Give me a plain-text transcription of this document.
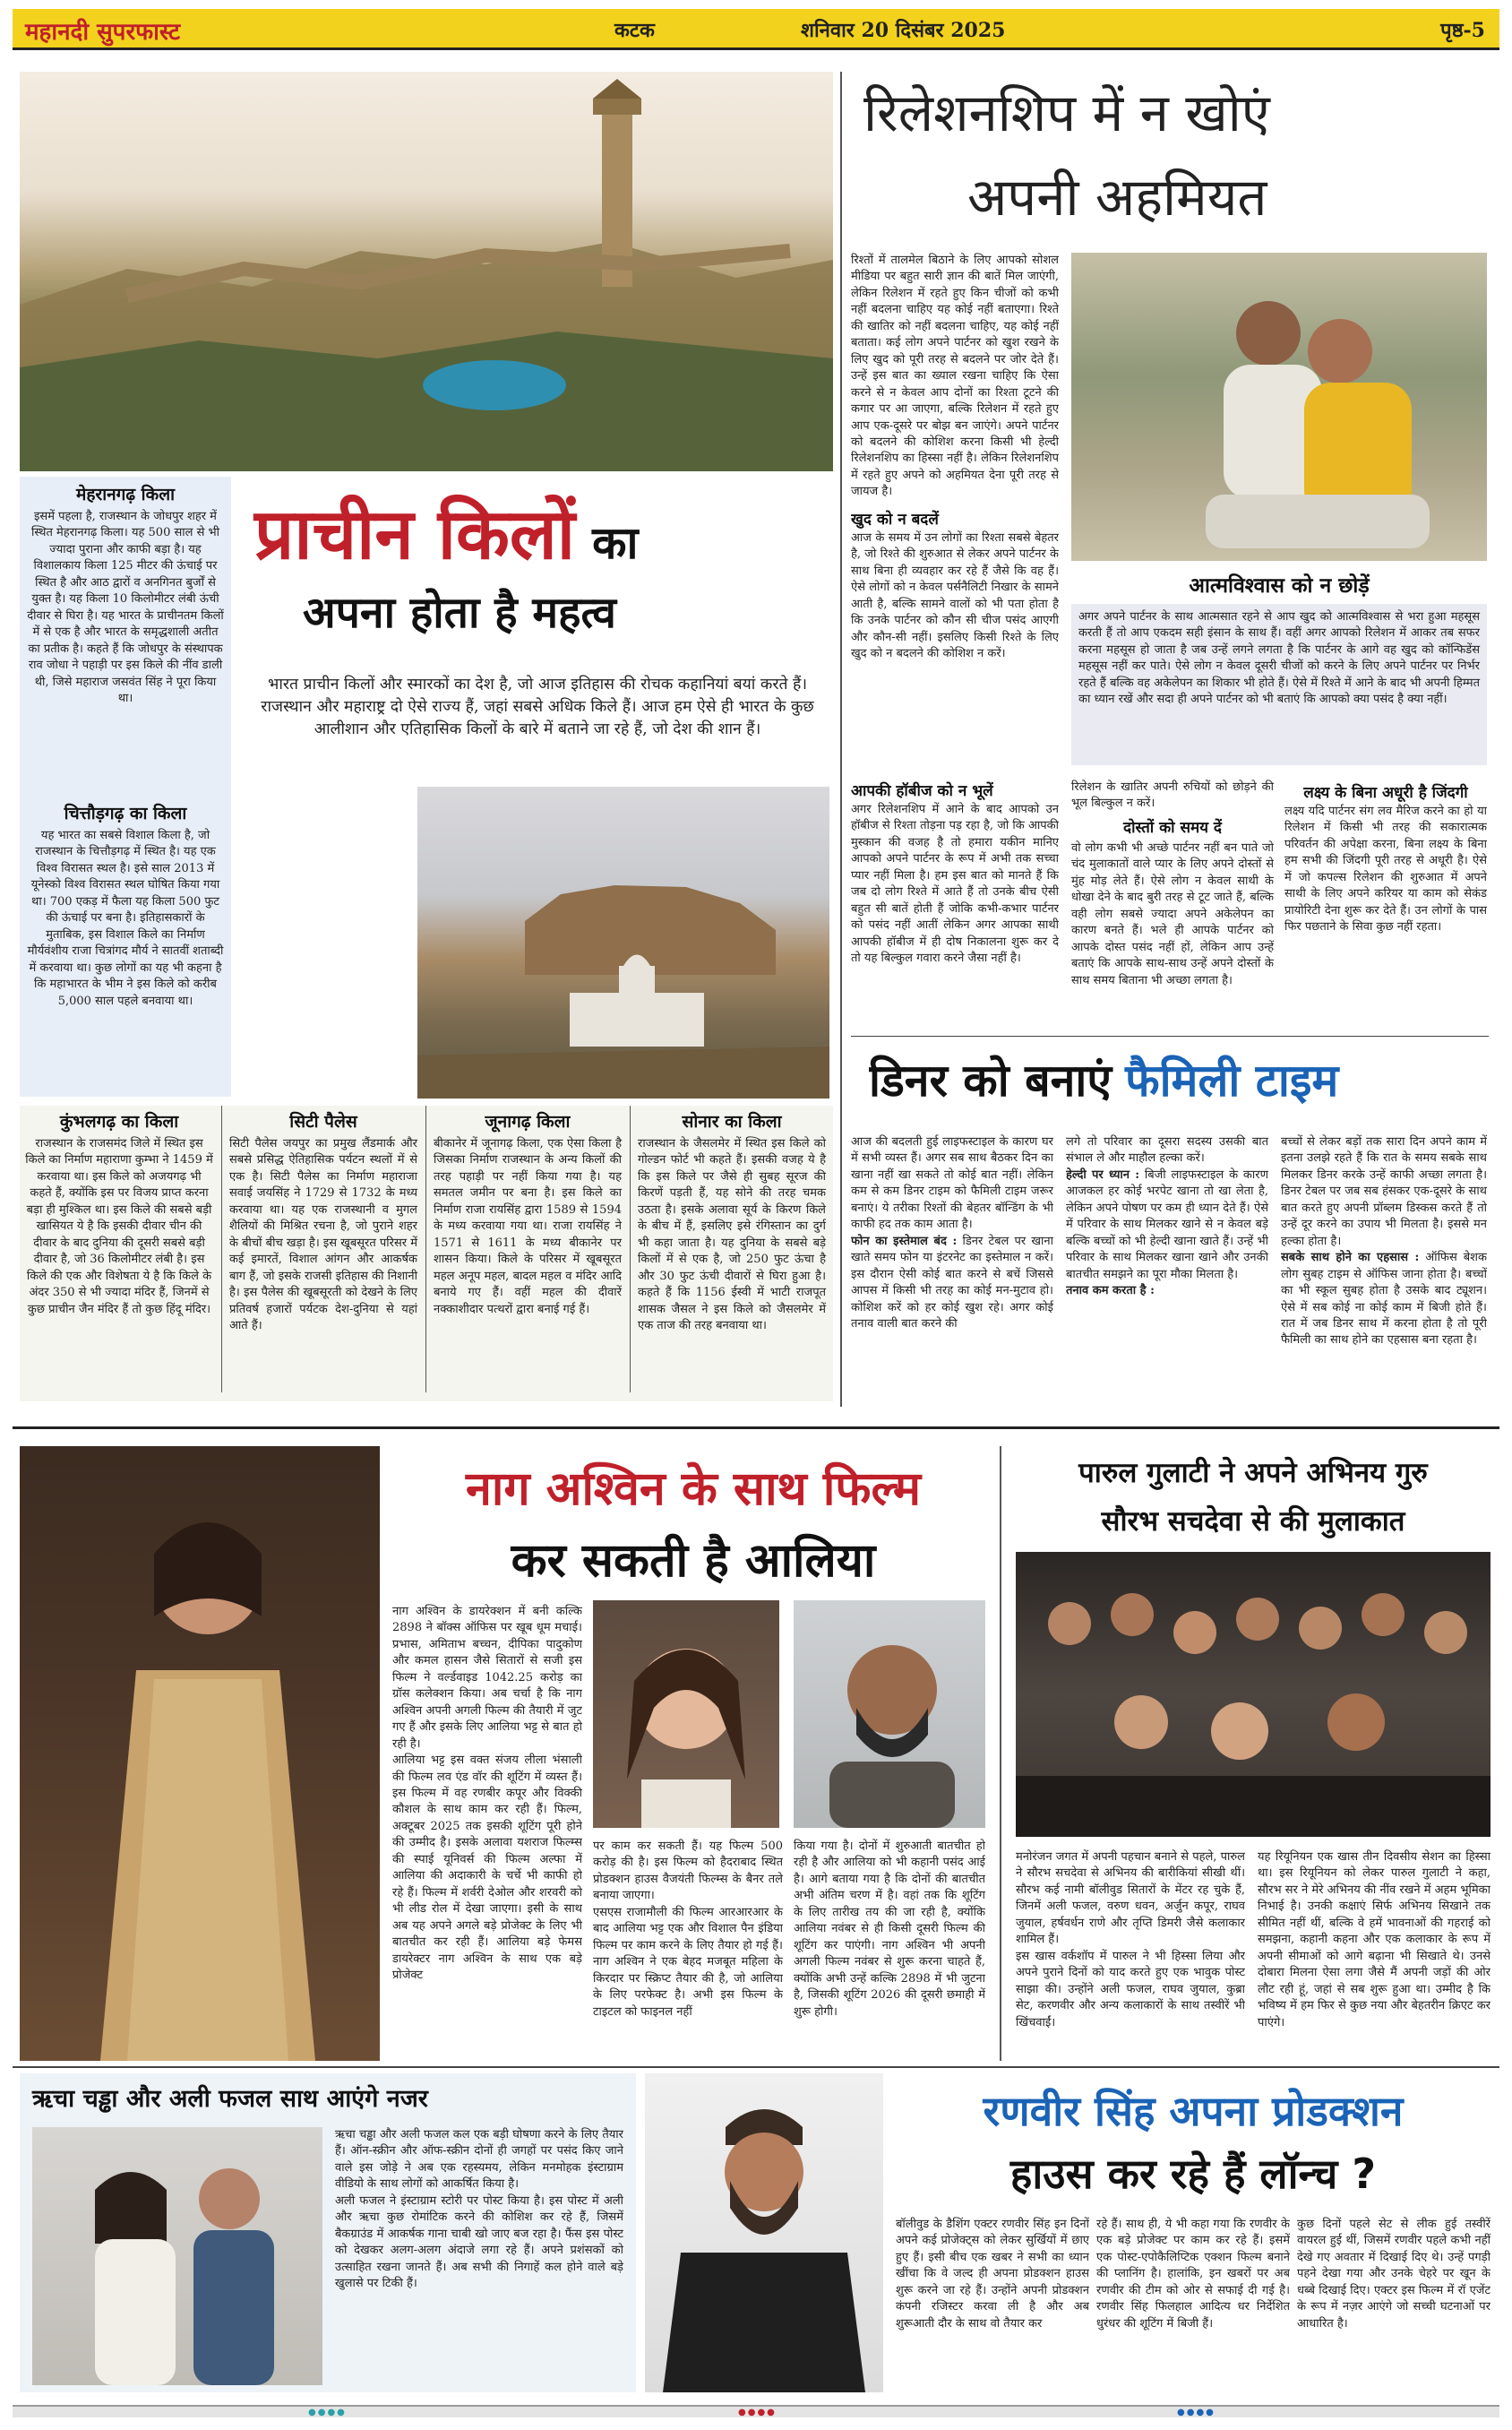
महानदी सुपरफास्ट	कटक	शनिवार 20 दिसंबर 2025	पृष्ठ-5
प्राचीन किलों का
अपना होता है महत्व
भारत प्राचीन किलों और स्मारकों का देश है, जो आज इतिहास की रोचक कहानियां बयां करते हैं। राजस्थान और महाराष्ट्र दो ऐसे राज्य हैं, जहां सबसे अधिक किले हैं। आज हम ऐसे ही भारत के कुछ आलीशान और एतिहासिक किलों के बारे में बताने जा रहे हैं, जो देश की शान हैं।
मेहरानगढ़ किला
इसमें पहला है, राजस्थान के जोधपुर शहर में स्थित मेहरानगढ़ किला। यह 500 साल से भी ज्यादा पुराना और काफी बड़ा है। यह विशालकाय किला 125 मीटर की ऊंचाई पर स्थित है और आठ द्वारों व अनगिनत बुर्जों से युक्त है। यह किला 10 किलोमीटर लंबी ऊंची दीवार से घिरा है। यह भारत के प्राचीनतम किलों में से एक है और भारत के समृद्धशाली अतीत का प्रतीक है। कहते हैं कि जोधपुर के संस्थापक राव जोधा ने पहाड़ी पर इस किले की नींव डाली थी, जिसे महाराज जसवंत सिंह ने पूरा किया था।
चित्तौड़गढ़ का किला
यह भारत का सबसे विशाल किला है, जो राजस्थान के चित्तौड़गढ़ में स्थित है। यह एक विश्व विरासत स्थल है। इसे साल 2013 में यूनेस्को विश्व विरासत स्थल घोषित किया गया था। 700 एकड़ में फैला यह किला 500 फुट की ऊंचाई पर बना है। इतिहासकारों के मुताबिक, इस विशाल किले का निर्माण मौर्यवंशीय राजा चित्रांगद मौर्य ने सातवीं शताब्दी में करवाया था। कुछ लोगों का यह भी कहना है कि महाभारत के भीम ने इस किले को करीब 5,000 साल पहले बनवाया था।
कुंभलगढ़ का किला
राजस्थान के राजसमंद जिले में स्थित इस किले का निर्माण महाराणा कुम्भा ने 1459 में करवाया था। इस किले को अजयगढ़ भी कहते हैं, क्योंकि इस पर विजय प्राप्त करना बड़ा ही मुश्किल था। इस किले की सबसे बड़ी खासियत ये है कि इसकी दीवार चीन की दीवार के बाद दुनिया की दूसरी सबसे बड़ी दीवार है, जो 36 किलोमीटर लंबी है। इस किले की एक और विशेषता ये है कि किले के अंदर 350 से भी ज्यादा मंदिर हैं, जिनमें से कुछ प्राचीन जैन मंदिर हैं तो कुछ हिंदू मंदिर।
सिटी पैलेस
सिटी पैलेस जयपुर का प्रमुख लैंडमार्क और सबसे प्रसिद्ध ऐतिहासिक पर्यटन स्थलों में से एक है। सिटी पैलेस का निर्माण महाराजा सवाई जयसिंह ने 1729 से 1732 के मध्य करवाया था। यह एक राजस्थानी व मुगल शैलियों की मिश्रित रचना है, जो पुराने शहर के बीचों बीच खड़ा है। इस खूबसूरत परिसर में कई इमारतें, विशाल आंगन और आकर्षक बाग हैं, जो इसके राजसी इतिहास की निशानी है। इस पैलेस की खूबसूरती को देखने के लिए प्रतिवर्ष हजारों पर्यटक देश-दुनिया से यहां आते हैं।
जूनागढ़ किला
बीकानेर में जूनागढ़ किला, एक ऐसा किला है जिसका निर्माण राजस्थान के अन्य किलों की तरह पहाड़ी पर नहीं किया गया है। यह समतल जमीन पर बना है। इस किले का निर्माण राजा रायसिंह द्वारा 1589 से 1594 के मध्य करवाया गया था। राजा रायसिंह ने 1571 से 1611 के मध्य बीकानेर पर शासन किया। किले के परिसर में खूबसूरत महल अनूप महल, बादल महल व मंदिर आदि बनाये गए हैं। वहीं महल की दीवारें नक्काशीदार पत्थरों द्वारा बनाई गई हैं।
सोनार का किला
राजस्थान के जैसलमेर में स्थित इस किले को गोल्डन फोर्ट भी कहते हैं। इसकी वजह ये है कि इस किले पर जैसे ही सुबह सूरज की किरणें पड़ती हैं, यह सोने की तरह चमक उठता है। इसके अलावा सूर्य के किरण किले के बीच में हैं, इसलिए इसे रंगिस्तान का दुर्ग भी कहा जाता है। यह दुनिया के सबसे बड़े किलों में से एक है, जो 250 फुट ऊंचा है और 30 फुट ऊंची दीवारों से घिरा हुआ है। कहते हैं कि 1156 ईस्वी में भाटी राजपूत शासक जैसल ने इस किले को जैसलमेर में एक ताज की तरह बनवाया था।
रिलेशनशिप में न खोएं
अपनी अहमियत
रिश्तों में तालमेल बिठाने के लिए आपको सोशल मीडिया पर बहुत सारी ज्ञान की बातें मिल जाएंगी, लेकिन रिलेशन में रहते हुए किन चीजों को कभी नहीं बदलना चाहिए यह कोई नहीं बताएगा। रिश्ते की खातिर को नहीं बदलना चाहिए, यह कोई नहीं बताता। कई लोग अपने पार्टनर को खुश रखने के लिए खुद को पूरी तरह से बदलने पर जोर देते हैं। उन्हें इस बात का ख्याल रखना चाहिए कि ऐसा करने से न केवल आप दोनों का रिश्ता टूटने की कगार पर आ जाएगा, बल्कि रिलेशन में रहते हुए आप एक-दूसरे पर बोझ बन जाएंगे। अपने पार्टनर को बदलने की कोशिश करना किसी भी हेल्दी रिलेशनशिप का हिस्सा नहीं है। लेकिन रिलेशनशिप में रहते हुए अपने को अहमियत देना पूरी तरह से जायज है।
खुद को न बदलें
आज के समय में उन लोगों का रिश्ता सबसे बेहतर है, जो रिश्ते की शुरुआत से लेकर अपने पार्टनर के साथ बिना ही व्यवहार कर रहे हैं जैसे कि वह हैं। ऐसे लोगों को न केवल पर्सनैलिटी निखार के सामने आती है, बल्कि सामने वालों को भी पता होता है कि उनके पार्टनर को कौन सी चीज पसंद आएगी और कौन-सी नहीं। इसलिए किसी रिश्ते के लिए खुद को न बदलने की कोशिश न करें।
आत्मविश्वास को न छोड़ें
अगर अपने पार्टनर के साथ आत्मसात रहने से आप खुद को आत्मविश्वास से भरा हुआ महसूस करती हैं तो आप एकदम सही इंसान के साथ हैं। वहीं अगर आपको रिलेशन में आकर तब सफर करना महसूस हो जाता है जब उन्हें लगने लगता है कि पार्टनर के आगे वह खुद को कॉन्फिडेंस महसूस नहीं कर पाते। ऐसे लोग न केवल दूसरी चीजों को करने के लिए अपने पार्टनर पर निर्भर रहते हैं बल्कि वह अकेलेपन का शिकार भी होते हैं। ऐसे में रिश्ते में आने के बाद भी अपनी हिम्मत का ध्यान रखें और सदा ही अपने पार्टनर को भी बताएं कि आपको क्या पसंद है क्या नहीं।
आपकी हॉबीज को न भूलें
अगर रिलेशनशिप में आने के बाद आपको उन हॉबीज से रिश्ता तोड़ना पड़ रहा है, जो कि आपकी मुस्कान की वजह है तो हमारा यकीन मानिए आपको अपने पार्टनर के रूप में अभी तक सच्चा प्यार नहीं मिला है। हम इस बात को मानते हैं कि जब दो लोग रिश्ते में आते हैं तो उनके बीच ऐसी बहुत सी बातें होती हैं जोकि कभी-कभार पार्टनर को पसंद नहीं आतीं लेकिन अगर आपका साथी आपकी हॉबीज में ही दोष निकालना शुरू कर दे तो यह बिल्कुल गवारा करने जैसा नहीं है।
रिलेशन के खातिर अपनी रुचियों को छोड़ने की भूल बिल्कुल न करें।
दोस्तों को समय दें
वो लोग कभी भी अच्छे पार्टनर नहीं बन पाते जो चंद मुलाकातों वाले प्यार के लिए अपने दोस्तों से मुंह मोड़ लेते हैं। ऐसे लोग न केवल साथी के धोखा देने के बाद बुरी तरह से टूट जाते हैं, बल्कि वही लोग सबसे ज्यादा अपने अकेलेपन का कारण बनते हैं। भले ही आपके पार्टनर को आपके दोस्त पसंद नहीं हों, लेकिन आप उन्हें बताएं कि आपके साथ-साथ उन्हें अपने दोस्तों के साथ समय बिताना भी अच्छा लगता है।
लक्ष्य के बिना अधूरी है जिंदगी
लक्ष्य यदि पार्टनर संग लव मैरिज करने का हो या रिलेशन में किसी भी तरह की सकारात्मक परिवर्तन की अपेक्षा करना, बिना लक्ष्य के बिना हम सभी की जिंदगी पूरी तरह से अधूरी है। ऐसे में जो कपल्स रिलेशन की शुरुआत में अपने साथी के लिए अपने करियर या काम को सेकंड प्रायोरिटी देना शुरू कर देते हैं। उन लोगों के पास फिर पछताने के सिवा कुछ नहीं रहता।
डिनर को बनाएं फैमिली टाइम
आज की बदलती हुई लाइफस्टाइल के कारण घर में सभी व्यस्त हैं। अगर सब साथ बैठकर दिन का खाना नहीं खा सकते तो कोई बात नहीं। लेकिन कम से कम डिनर टाइम को फैमिली टाइम जरूर बनाएं। ये तरीका रिश्तों की बेहतर बॉन्डिंग के भी काफी हद तक काम आता है।
फोन का इस्तेमाल बंद : डिनर टेबल पर खाना खाते समय फोन या इंटरनेट का इस्तेमाल न करें। इस दौरान ऐसी कोई बात करने से बचें जिससे आपस में किसी भी तरह का कोई मन-मुटाव हो। कोशिश करें को हर कोई खुश रहे। अगर कोई तनाव वाली बात करने की
लगे तो परिवार का दूसरा सदस्य उसकी बात संभाल ले और माहौल हल्का करें।
हेल्दी पर ध्यान : बिजी लाइफस्टाइल के कारण आजकल हर कोई भरपेट खाना तो खा लेता है, लेकिन अपने पोषण पर कम ही ध्यान देते हैं। ऐसे में परिवार के साथ मिलकर खाने से न केवल बड़े बल्कि बच्चों को भी हेल्दी खाना खाते हैं। उन्हें भी परिवार के साथ मिलकर खाना खाने और उनकी बातचीत समझने का पूरा मौका मिलता है।
तनाव कम करता है :
बच्चों से लेकर बड़ों तक सारा दिन अपने काम में इतना उलझे रहते हैं कि रात के समय सबके साथ मिलकर डिनर करके उन्हें काफी अच्छा लगता है। डिनर टेबल पर जब सब हंसकर एक-दूसरे के साथ बात करते हुए अपनी प्रॉब्लम डिस्कस करते हैं तो उन्हें दूर करने का उपाय भी मिलता है। इससे मन हल्का होता है।
सबके साथ होने का एहसास : ऑफिस बेशक लोग सुबह टाइम से ऑफिस जाना होता है। बच्चों का भी स्कूल सुबह होता है उसके बाद ट्यूशन। ऐसे में सब कोई ना कोई काम में बिजी होते हैं। रात में जब डिनर साथ में करना होता है तो पूरी फैमिली का साथ होने का एहसास बना रहता है।
नाग अश्विन के साथ फिल्म
कर सकती है आलिया
नाग अश्विन के डायरेक्शन में बनी कल्कि 2898 ने बॉक्स ऑफिस पर खूब धूम मचाई। प्रभास, अमिताभ बच्चन, दीपिका पादुकोण और कमल हासन जैसे सितारों से सजी इस फिल्म ने वर्ल्डवाइड 1042.25 करोड़ का ग्रॉस कलेक्शन किया। अब चर्चा है कि नाग अश्विन अपनी अगली फिल्म की तैयारी में जुट गए हैं और इसके लिए आलिया भट्ट से बात हो रही है।
आलिया भट्ट इस वक्त संजय लीला भंसाली की फिल्म लव एंड वॉर की शूटिंग में व्यस्त हैं। इस फिल्म में वह रणबीर कपूर और विक्की कौशल के साथ काम कर रही हैं। फिल्म, अक्टूबर 2025 तक इसकी शूटिंग पूरी होने की उम्मीद है। इसके अलावा यशराज फिल्म्स की स्पाई यूनिवर्स की फिल्म अल्फा में आलिया की अदाकारी के चर्चे भी काफी हो रहे हैं। फिल्म में शर्वरी देओल और शरवरी को भी लीड रोल में देखा जाएगा। इसी के साथ अब यह अपने अगले बड़े प्रोजेक्ट के लिए भी बातचीत कर रही हैं। आलिया बड़े फेमस डायरेक्टर नाग अश्विन के साथ एक बड़े प्रोजेक्ट
पर काम कर सकती हैं। यह फिल्म 500 करोड़ की है। इस फिल्म को हैदराबाद स्थित प्रोडक्शन हाउस वैजयंती फिल्म्स के बैनर तले बनाया जाएगा।
एसएस राजामौली की फिल्म आरआरआर के बाद आलिया भट्ट एक और विशाल पैन इंडिया फिल्म पर काम करने के लिए तैयार हो गई हैं। नाग अश्विन ने एक बेहद मजबूत महिला के किरदार पर स्क्रिप्ट तैयार की है, जो आलिया के लिए परफेक्ट है। अभी इस फिल्म के टाइटल को फाइनल नहीं
किया गया है। दोनों में शुरुआती बातचीत हो रही है और आलिया को भी कहानी पसंद आई है। आगे बताया गया है कि दोनों की बातचीत अभी अंतिम चरण में है। वहां तक कि शूटिंग के लिए तारीख तय की जा रही है, क्योंकि आलिया नवंबर से ही किसी दूसरी फिल्म की शूटिंग कर पाएंगी। नाग अश्विन भी अपनी अगली फिल्म नवंबर से शुरू करना चाहते हैं, क्योंकि अभी उन्हें कल्कि 2898 में भी जुटना है, जिसकी शूटिंग 2026 की दूसरी छमाही में शुरू होगी।
पारुल गुलाटी ने अपने अभिनय गुरु
सौरभ सचदेवा से की मुलाकात
मनोरंजन जगत में अपनी पहचान बनाने से पहले, पारुल ने सौरभ सचदेवा से अभिनय की बारीकियां सीखी थीं। सौरभ कई नामी बॉलीवुड सितारों के मेंटर रह चुके हैं, जिनमें अली फजल, वरुण धवन, अर्जुन कपूर, राघव जुयाल, हर्षवर्धन राणे और तृप्ति डिमरी जैसे कलाकार शामिल हैं।
इस खास वर्कशॉप में पारुल ने भी हिस्सा लिया और अपने पुराने दिनों को याद करते हुए एक भावुक पोस्ट साझा की। उन्होंने अली फजल, राघव जुयाल, कुब्रा सेट, करणवीर और अन्य कलाकारों के साथ तस्वीरें भी खिंचवाईं।
यह रियूनियन एक खास तीन दिवसीय सेशन का हिस्सा था। इस रियूनियन को लेकर पारुल गुलाटी ने कहा, सौरभ सर ने मेरे अभिनय की नींव रखने में अहम भूमिका निभाई है। उनकी कक्षाएं सिर्फ अभिनय सिखाने तक सीमित नहीं थीं, बल्कि वे हमें भावनाओं की गहराई को समझना, कहानी कहना और एक कलाकार के रूप में अपनी सीमाओं को आगे बढ़ाना भी सिखाते थे। उनसे दोबारा मिलना ऐसा लगा जैसे मैं अपनी जड़ों की ओर लौट रही हूं, जहां से सब शुरू हुआ था। उम्मीद है कि भविष्य में हम फिर से कुछ नया और बेहतरीन क्रिएट कर पाएंगे।
ऋचा चड्ढा और अली फजल साथ आएंगे नजर
ऋचा चड्ढा और अली फजल कल एक बड़ी घोषणा करने के लिए तैयार हैं। ऑन-स्क्रीन और ऑफ-स्क्रीन दोनों ही जगहों पर पसंद किए जाने वाले इस जोड़े ने अब एक रहस्यमय, लेकिन मनमोहक इंस्टाग्राम वीडियो के साथ लोगों को आकर्षित किया है।
अली फजल ने इंस्टाग्राम स्टोरी पर पोस्ट किया है। इस पोस्ट में अली और ऋचा कुछ रोमांटिक करने की कोशिश कर रहे हैं, जिसमें बैकग्राउंड में आकर्षक गाना चाबी खो जाए बज रहा है। फैंस इस पोस्ट को देखकर अलग-अलग अंदाजे लगा रहे हैं। अपने प्रशंसकों को उत्साहित रखना जानते हैं। अब सभी की निगाहें कल होने वाले बड़े खुलासे पर टिकी हैं।
रणवीर सिंह अपना प्रोडक्शन
हाउस कर रहे हैं लॉन्च ?
बॉलीवुड के डैशिंग एक्टर रणवीर सिंह इन दिनों अपने कई प्रोजेक्ट्स को लेकर सुर्खियों में छाए हुए हैं। इसी बीच एक खबर ने सभी का ध्यान खींचा कि वे जल्द ही अपना प्रोडक्शन हाउस शुरू करने जा रहे हैं। उन्होंने अपनी प्रोडक्शन कंपनी रजिस्टर करवा ली है और अब शुरूआती दौर के साथ वो तैयार कर
रहे हैं। साथ ही, ये भी कहा गया कि रणवीर के एक बड़े प्रोजेक्ट पर काम कर रहे हैं। इसमें एक पोस्ट-एपोकैलिप्टिक एक्शन फिल्म बनाने की प्लानिंग है। हालांकि, इन खबरों पर अब रणवीर की टीम को ओर से सफाई दी गई है। रणवीर सिंह फिलहाल आदित्य धर निर्देशित धुरंधर की शूटिंग में बिजी हैं।
कुछ दिनों पहले सेट से लीक हुई तस्वीरें वायरल हुई थीं, जिसमें रणवीर पहले कभी नहीं देखे गए अवतार में दिखाई दिए थे। उन्हें पगड़ी पहने देखा गया और उनके चेहरे पर खून के धब्बे दिखाई दिए। एक्टर इस फिल्म में रॉ एजेंट के रूप में नज़र आएंगे जो सच्ची घटनाओं पर आधारित है।
●●●●	●●●●	●●●●
